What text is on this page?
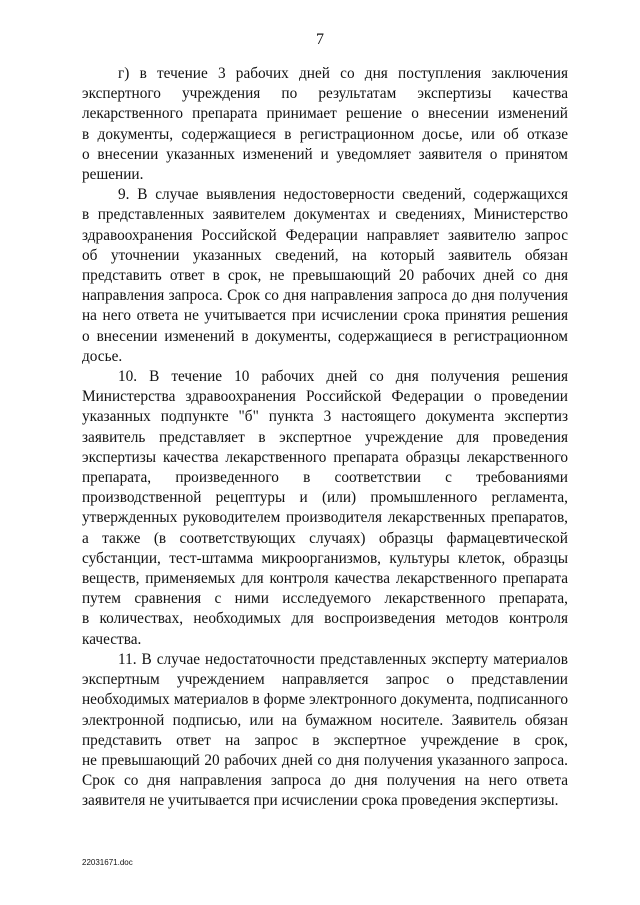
7

г) в течение 3 рабочих дней со дня поступления заключения
экспертного учреждения по результатам экспертизы качества
лекарственного препарата принимает решение о внесении изменений
в документы, содержащиеся в регистрационном досье, или об отказе
о внесении указанных изменений и уведомляет заявителя о принятом
решении.

9. В случае выявления недостоверности сведений, содержащихся
в представленных заявителем документах и сведениях, Министерство
здравоохранения Российской Федерации направляет заявителю запрос
об уточнении указанных сведений, на который заявитель обязан
представить ответ в срок, не превышающий 20 рабочих дней со дня
направления запроса. Срок со дня направления запроса до дня получения
на него ответа не учитывается при исчислении срока принятия решения
о внесении изменений в документы, содержащиеся в регистрационном
досье.

10. В течение 10 рабочих дней со дня получения решения
Министерства здравоохранения Российской Федерации о проведении
указанных подпункте "б" пункта 3 настоящего документа экспертиз
заявитель представляет в экспертное учреждение для проведения
экспертизы качества лекарственного препарата образцы лекарственного
препарата, произведенного в соответствии с требованиями
производственной рецептуры и (или) промышленного регламента,
утвержденных руководителем производителя лекарственных препаратов,
а также (в соответствующих случаях) образцы фармацевтической
субстанции, тест-штамма микроорганизмов, культуры клеток, образцы
веществ, применяемых для контроля качества лекарственного препарата
путем сравнения с ними исследуемого лекарственного препарата,
в количествах, необходимых для воспроизведения методов контроля
качества.

11. В случае недостаточности представленных эксперту материалов
экспертным учреждением направляется запрос о представлении
необходимых материалов в форме электронного документа, подписанного
электронной подписью, или на бумажном носителе. Заявитель обязан
представить ответ на запрос в экспертное учреждение в срок,
не превышающий 20 рабочих дней со дня получения указанного запроса.
Срок со дня направления запроса до дня получения на него ответа
заявителя не учитывается при исчислении срока проведения экспертизы.

22031671.doc
